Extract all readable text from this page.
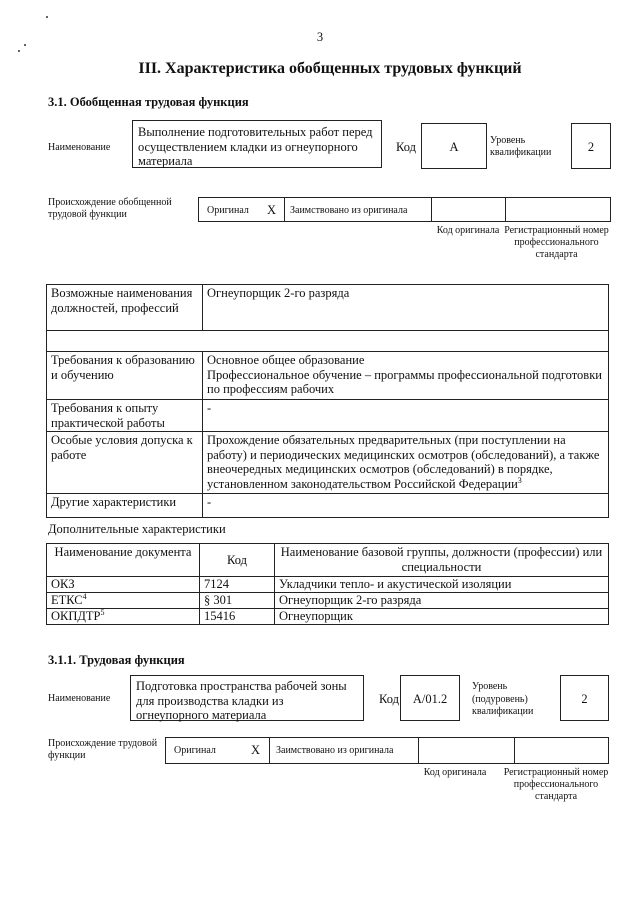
3
III. Характеристика обобщенных трудовых функций
3.1. Обобщенная трудовая функция
Наименование
Выполнение подготовительных работ перед осуществлением кладки из огнеупорного материала
Код	А	Уровень квалификации	2
Происхождение обобщенной трудовой функции	Оригинал X Заимствовано из оригинала
Код оригинала Регистрационный номер профессионального стандарта
Возможные наименования должностей, профессий	Огнеупорщик 2-го разряда

Требования к образованию и обучению	Основное общее образование
Профессиональное обучение – программы профессиональной подготовки по профессиям рабочих

Требования к опыту практической работы	-
Особые условия допуска к работе	Прохождение обязательных предварительных (при поступлении на работу) и периодических медицинских осмотров (обследований), а также внеочередных медицинских осмотров (обследований) в порядке, установленном законодательством Российской Федерации$^3$
Другие характеристики	-
Дополнительные характеристики
Наименование документа	Код	Наименование базовой группы, должности (профессии) или специальности
ОКЗ	7124	Укладчики тепло- и акустической изоляции
ЕТКС$^4$	§ 301	Огнеупорщик 2-го разряда
ОКПДТР$^5$	15416	Огнеупорщик
3.1.1. Трудовая функция
Наименование
Подготовка пространства рабочей зоны для производства кладки из огнеупорного материала
Код	А/01.2
Уровень (подуровень) квалификации
2
Происхождение трудовой функции	Оригинал	X Заимствовано из оригинала
Код оригинала	Регистрационный номер профессионального стандарта
